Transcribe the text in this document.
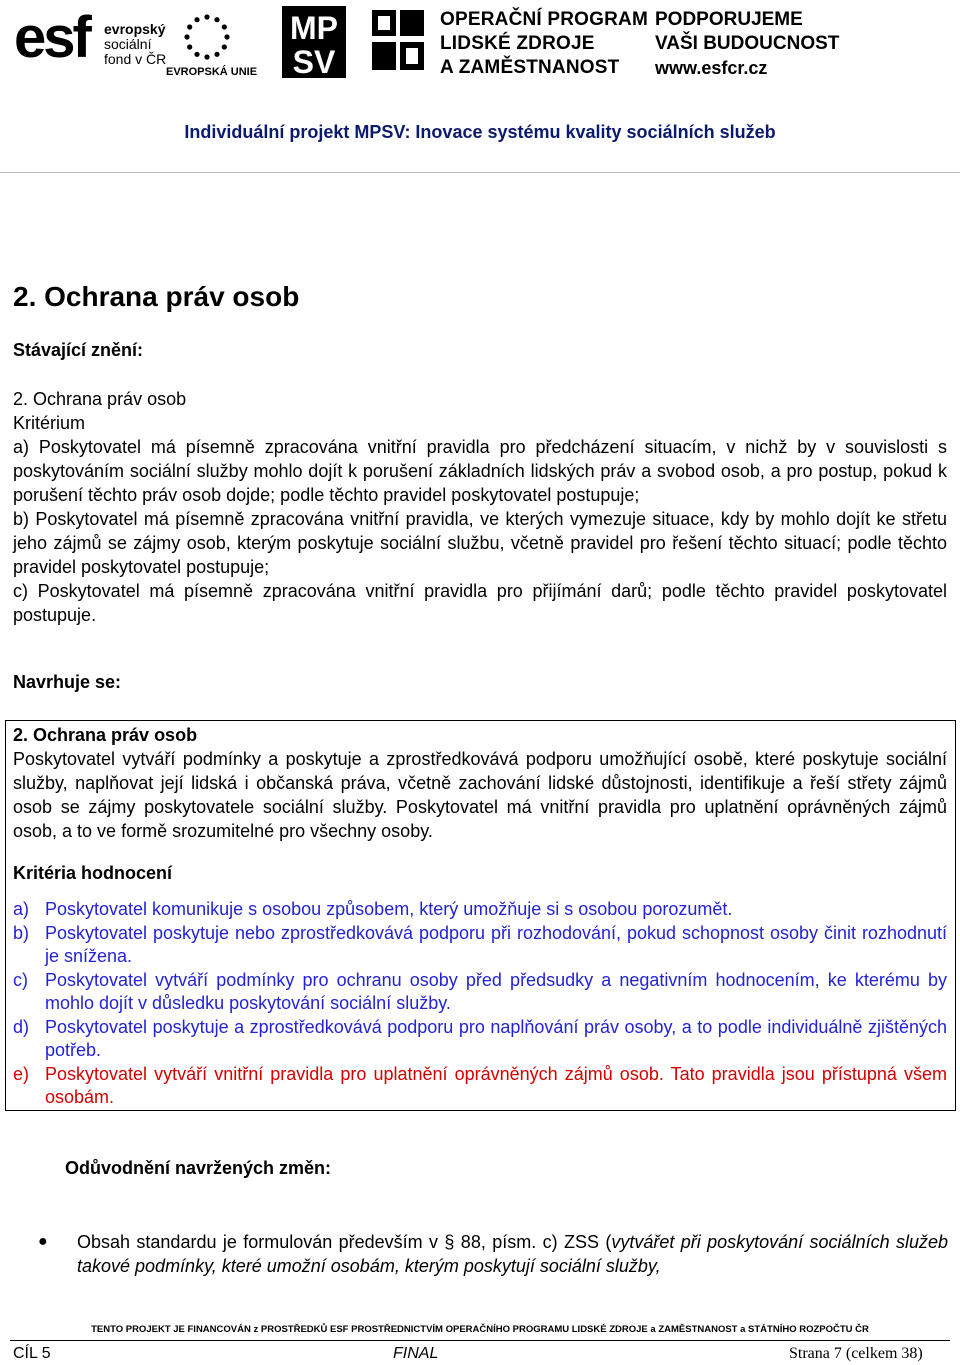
esf evropský
sociální
fond v ČR
EVROPSKÁ UNIE
MP
SV
OPERAČNÍ PROGRAM
LIDSKÉ ZDROJE
A ZAMĚSTNANOST
PODPORUJEME
VAŠI BUDOUCNOST
www.esfcr.cz
Individuální projekt MPSV: Inovace systému kvality sociálních služeb
2. Ochrana práv osob
Stávající znění:

2. Ochrana práv osob

Kritérium

a) Poskytovatel má písemně zpracována vnitřní pravidla pro předcházení situacím, v nichž by v souvislosti s poskytováním sociální služby mohlo dojít k porušení základních lidských práv a svobod osob, a pro postup, pokud k porušení těchto práv osob dojde; podle těchto pravidel poskytovatel postupuje;

b) Poskytovatel má písemně zpracována vnitřní pravidla, ve kterých vymezuje situace, kdy by mohlo dojít ke střetu jeho zájmů se zájmy osob, kterým poskytuje sociální službu, včetně pravidel pro řešení těchto situací; podle těchto pravidel poskytovatel postupuje;

c) Poskytovatel má písemně zpracována vnitřní pravidla pro přijímání darů; podle těchto pravidel poskytovatel postupuje.

Navrhuje se:

2. Ochrana práv osob

Poskytovatel vytváří podmínky a poskytuje a zprostředkovává podporu umožňující osobě, které poskytuje sociální služby, naplňovat její lidská i občanská práva, včetně zachování lidské důstojnosti, identifikuje a řeší střety zájmů osob se zájmy poskytovatele sociální služby. Poskytovatel má vnitřní pravidla pro uplatnění oprávněných zájmů osob, a to ve formě srozumitelné pro všechny osoby.

Kritéria hodnocení
a) Poskytovatel komunikuje s osobou způsobem, který umožňuje si s osobou porozumět.
b) Poskytovatel poskytuje nebo zprostředkovává podporu při rozhodování, pokud schopnost osoby činit rozhodnutí je snížena.
c) Poskytovatel vytváří podmínky pro ochranu osoby před předsudky a negativním hodnocením, ke kterému by mohlo dojít v důsledku poskytování sociální služby.
d) Poskytovatel poskytuje a zprostředkovává podporu pro naplňování práv osoby, a to podle individuálně zjištěných potřeb.
e) Poskytovatel vytváří vnitřní pravidla pro uplatnění oprávněných zájmů osob. Tato pravidla jsou přístupná všem osobám.
Odůvodnění navržených změn:
●	Obsah standardu je formulován především v § 88, písm. c) ZSS (vytvářet při poskytování sociálních služeb takové podmínky, které umožní osobám, kterým poskytují sociální služby,
TENTO PROJEKT JE FINANCOVÁN z PROSTŘEDKŮ ESF PROSTŘEDNICTVÍM OPERAČNÍHO PROGRAMU LIDSKÉ ZDROJE a ZAMĚSTNANOST a STÁTNÍHO ROZPOČTU ČR
CÍL 5	FINAL	Strana 7 (celkem 38)
